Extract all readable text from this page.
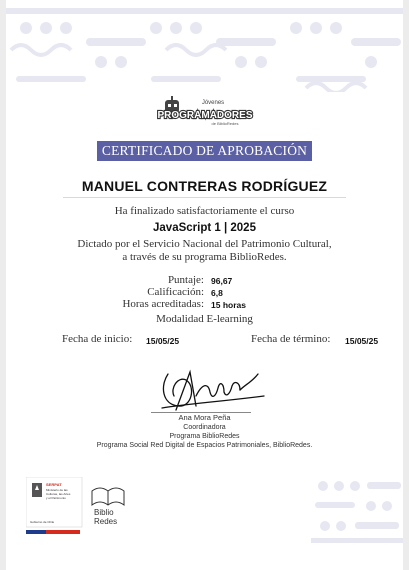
Jóvenes
PROGRAMADORES
de BiblioRedes
CERTIFICADO DE APROBACIÓN
MANUEL CONTRERAS RODRÍGUEZ
Ha finalizado satisfactoriamente el curso
JavaScript 1 | 2025
Dictado por el Servicio Nacional del Patrimonio Cultural,
a través de su programa BiblioRedes.
Puntaje: 96,67
Calificación: 6,8
Horas acreditadas: 15 horas
Modalidad E-learning
Fecha de inicio: 15/05/25	Fecha de término: 15/05/25
Ana Mora Peña
Coordinadora
Programa BiblioRedes
Programa Social Red Digital de Espacios Patrimoniales, BiblioRedes.
SERPAT
Ministerio de las
Culturas, las Artes
y el Patrimonio
Gobierno de Chile
Biblio
Redes
